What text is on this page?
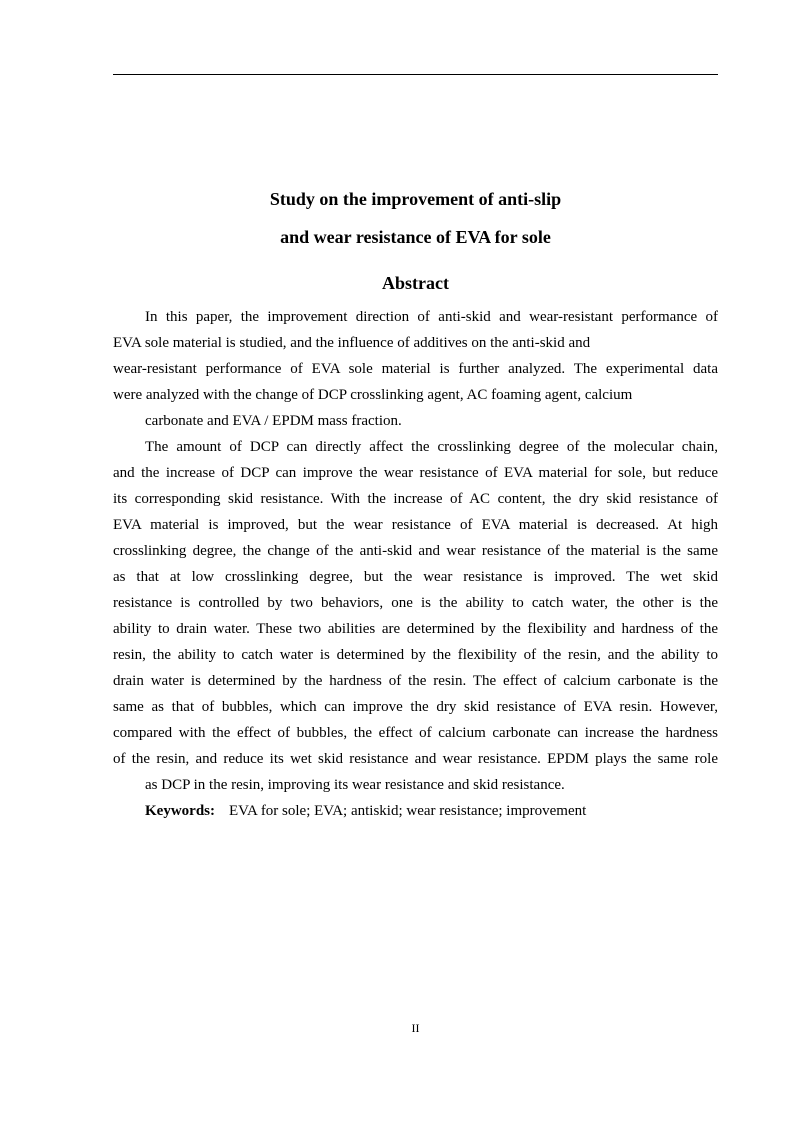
Study on the improvement of anti-slip
and wear resistance of EVA for sole
Abstract
In this paper, the improvement direction of anti-skid and wear-resistant performance of
EVA sole material is studied, and the influence of additives on the anti-skid and
wear-resistant performance of EVA sole material is further analyzed. The experimental data
were analyzed with the change of DCP crosslinking agent, AC foaming agent, calcium
carbonate and EVA / EPDM mass fraction.
The amount of DCP can directly affect the crosslinking degree of the molecular chain,
and the increase of DCP can improve the wear resistance of EVA material for sole, but reduce
its corresponding skid resistance. With the increase of AC content, the dry skid resistance of
EVA material is improved, but the wear resistance of EVA material is decreased. At high
crosslinking degree, the change of the anti-skid and wear resistance of the material is the same
as that at low crosslinking degree, but the wear resistance is improved. The wet skid
resistance is controlled by two behaviors, one is the ability to catch water, the other is the
ability to drain water. These two abilities are determined by the flexibility and hardness of the
resin, the ability to catch water is determined by the flexibility of the resin, and the ability to
drain water is determined by the hardness of the resin. The effect of calcium carbonate is the
same as that of bubbles, which can improve the dry skid resistance of EVA resin. However,
compared with the effect of bubbles, the effect of calcium carbonate can increase the hardness
of the resin, and reduce its wet skid resistance and wear resistance. EPDM plays the same role
as DCP in the resin, improving its wear resistance and skid resistance.

Keywords: EVA for sole; EVA; antiskid; wear resistance; improvement

II
